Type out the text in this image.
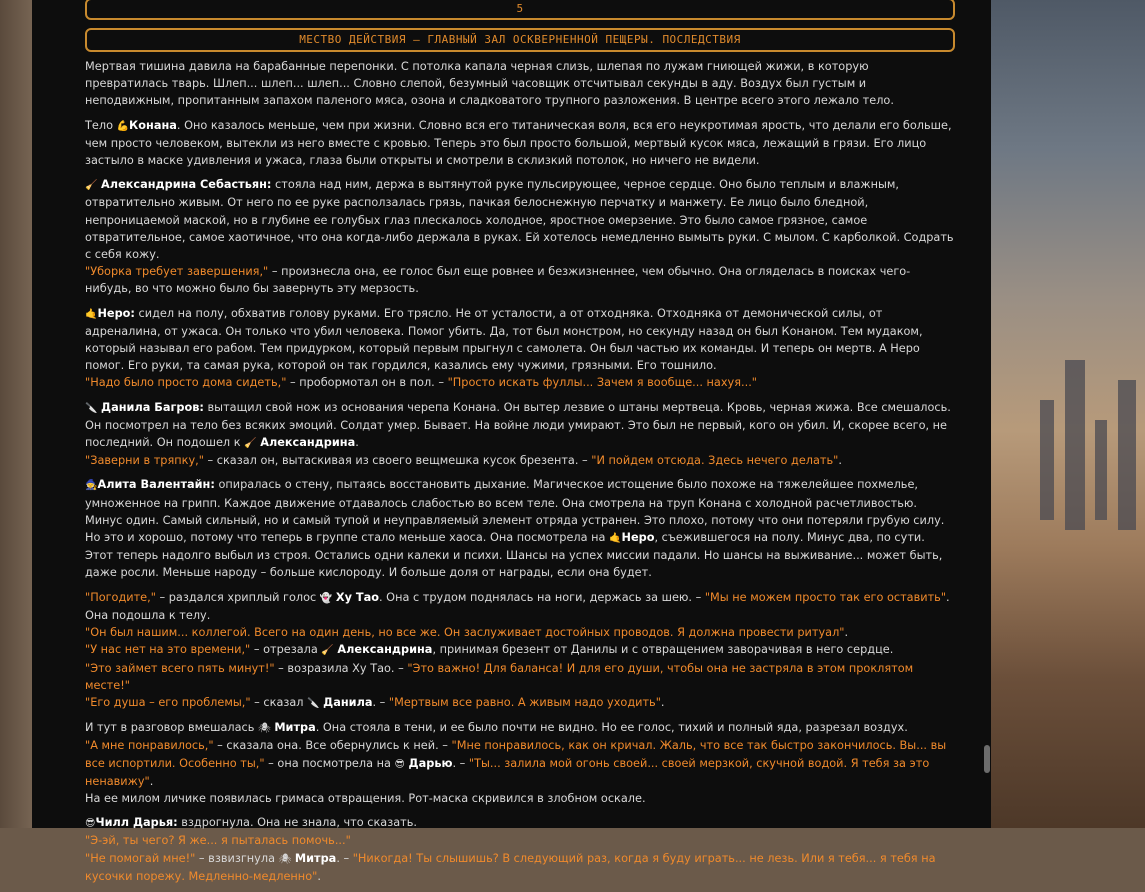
5
МЕСТВО ДЕЙСТВИЯ – ГЛАВНЫЙ ЗАЛ ОСКВЕРНЕННОЙ ПЕЩЕРЫ. ПОСЛЕДСТВИЯ

Мертвая тишина давила на барабанные перепонки. С потолка капала черная слизь, шлепая по лужам гниющей жижи, в которую превратилась тварь. Шлеп... шлеп... шлеп... Словно слепой, безумный часовщик отсчитывал секунды в аду. Воздух был густым и неподвижным, пропитанным запахом паленого мяса, озона и сладковатого трупного разложения. В центре всего этого лежало тело.

Тело 💪Конана. Оно казалось меньше, чем при жизни. Словно вся его титаническая воля, вся его неукротимая ярость, что делали его больше, чем просто человеком, вытекли из него вместе с кровью. Теперь это был просто большой, мертвый кусок мяса, лежащий в грязи. Его лицо застыло в маске удивления и ужаса, глаза были открыты и смотрели в склизкий потолок, но ничего не видели.

🧹 Александрина Себастьян: стояла над ним, держа в вытянутой руке пульсирующее, черное сердце. Оно было теплым и влажным, отвратительно живым. От него по ее руке расползалась грязь, пачкая белоснежную перчатку и манжету. Ее лицо было бледной, непроницаемой маской, но в глубине ее голубых глаз плескалось холодное, яростное омерзение. Это было самое грязное, самое отвратительное, самое хаотичное, что она когда-либо держала в руках. Ей хотелось немедленно вымыть руки. С мылом. С карболкой. Содрать с себя кожу.
"Уборка требует завершения," – произнесла она, ее голос был еще ровнее и безжизненнее, чем обычно. Она огляделась в поисках чего-нибудь, во что можно было бы завернуть эту мерзость.

🤙Неро: сидел на полу, обхватив голову руками. Его трясло. Не от усталости, а от отходняка. Отходняка от демонической силы, от адреналина, от ужаса. Он только что убил человека. Помог убить. Да, тот был монстром, но секунду назад он был Конаном. Тем мудаком, который называл его рабом. Тем придурком, который первым прыгнул с самолета. Он был частью их команды. И теперь он мертв. А Неро помог. Его руки, та самая рука, которой он так гордился, казались ему чужими, грязными. Его тошнило.
"Надо было просто дома сидеть," – пробормотал он в пол. – "Просто искать фуллы... Зачем я вообще... нахуя..."

🔪 Данила Багров: вытащил свой нож из основания черепа Конана. Он вытер лезвие о штаны мертвеца. Кровь, черная жижа. Все смешалось. Он посмотрел на тело без всяких эмоций. Солдат умер. Бывает. На войне люди умирают. Это был не первый, кого он убил. И, скорее всего, не последний. Он подошел к 🧹 Александрина.
"Заверни в тряпку," – сказал он, вытаскивая из своего вещмешка кусок брезента. – "И пойдем отсюда. Здесь нечего делать".

🧙Алита Валентайн: опиралась о стену, пытаясь восстановить дыхание. Магическое истощение было похоже на тяжелейшее похмелье, умноженное на грипп. Каждое движение отдавалось слабостью во всем теле. Она смотрела на труп Конана с холодной расчетливостью. Минус один. Самый сильный, но и самый тупой и неуправляемый элемент отряда устранен. Это плохо, потому что они потеряли грубую силу. Но это и хорошо, потому что теперь в группе стало меньше хаоса. Она посмотрела на 🤙Неро, съежившегося на полу. Минус два, по сути. Этот теперь надолго выбыл из строя. Остались одни калеки и психи. Шансы на успех миссии падали. Но шансы на выживание... может быть, даже росли. Меньше народу – больше кислороду. И больше доля от награды, если она будет.

"Погодите," – раздался хриплый голос 👻 Ху Тао. Она с трудом поднялась на ноги, держась за шею. – "Мы не можем просто так его оставить".
Она подошла к телу.
"Он был нашим... коллегой. Всего на один день, но все же. Он заслуживает достойных проводов. Я должна провести ритуал".
"У нас нет на это времени," – отрезала 🧹 Александрина, принимая брезент от Данилы и с отвращением заворачивая в него сердце.
"Это займет всего пять минут!" – возразила Ху Тао. – "Это важно! Для баланса! И для его души, чтобы она не застряла в этом проклятом месте!"
"Его душа – его проблемы," – сказал 🔪 Данила. – "Мертвым все равно. А живым надо уходить".

И тут в разговор вмешалась 🕷 Митра. Она стояла в тени, и ее было почти не видно. Но ее голос, тихий и полный яда, разрезал воздух.
"А мне понравилось," – сказала она. Все обернулись к ней. – "Мне понравилось, как он кричал. Жаль, что все так быстро закончилось. Вы... вы все испортили. Особенно ты," – она посмотрела на 😎 Дарью. – "Ты... залила мой огонь своей... своей мерзкой, скучной водой. Я тебя за это ненавижу".
На ее милом личике появилась гримаса отвращения. Рот-маска скривился в злобном оскале.

😎Чилл Дарья: вздрогнула. Она не знала, что сказать.
"Э-эй, ты чего? Я же... я пыталась помочь..."
"Не помогай мне!" – взвизгнула 🕷 Митра. – "Никогда! Ты слышишь? В следующий раз, когда я буду играть... не лезь. Или я тебя... я тебя на кусочки порежу. Медленно-медленно".
